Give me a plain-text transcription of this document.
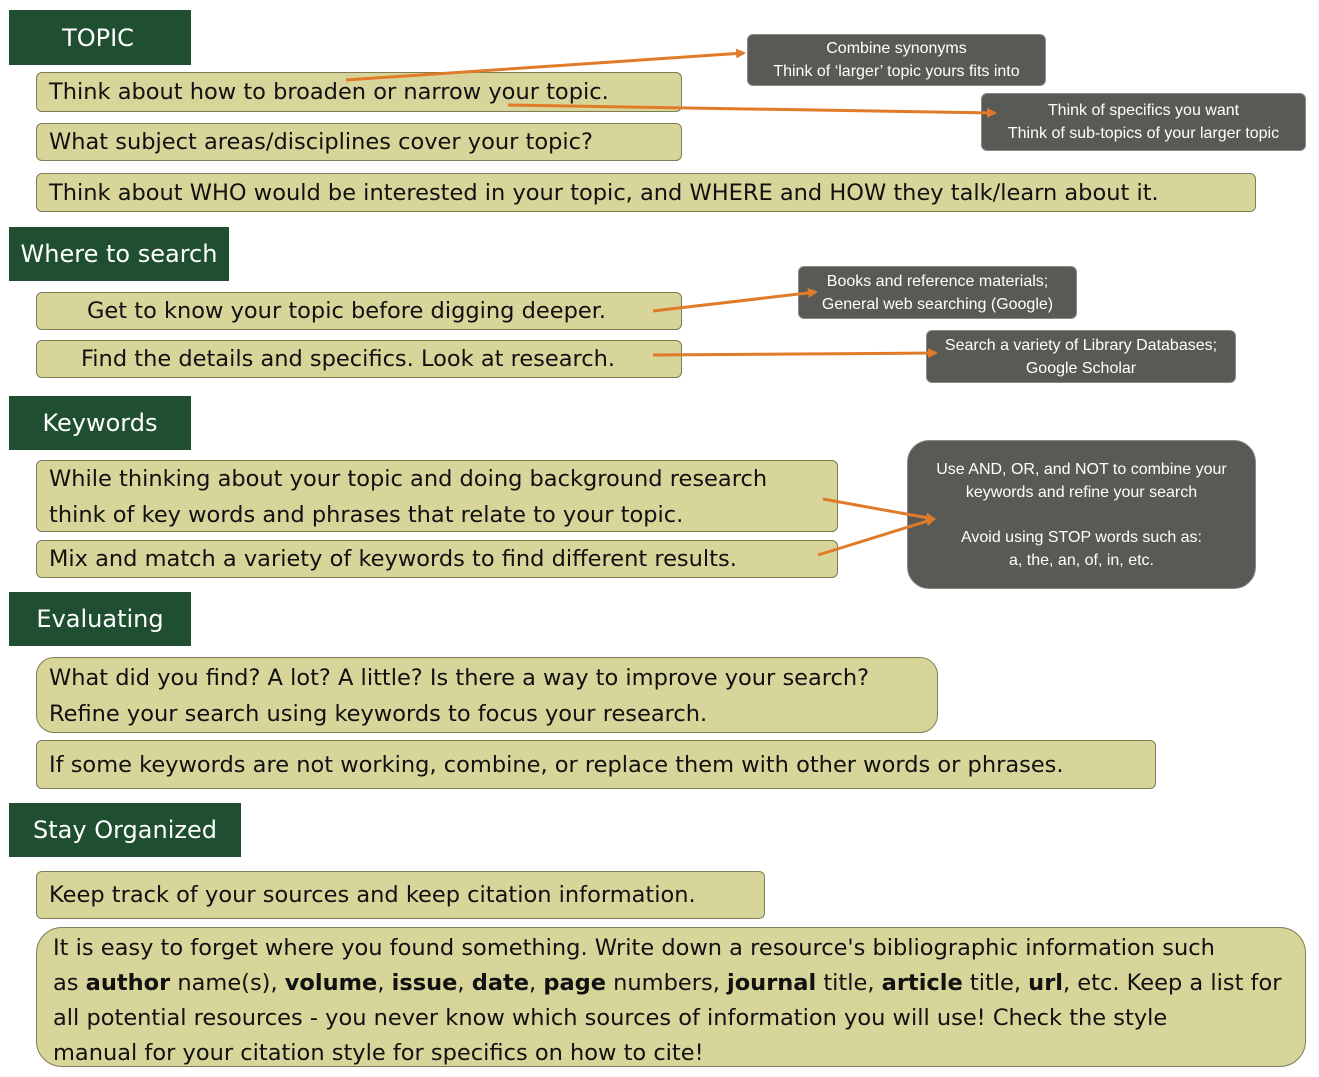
TOPIC
Think about how to broaden or narrow your topic.
What subject areas/disciplines cover your topic?
Think about WHO would be interested in your topic, and WHERE and HOW they talk/learn about it.
Combine synonyms
Think of ‘larger’ topic yours fits into
Think of specifics you want
Think of sub-topics of your larger topic
Where to search
Get to know your topic before digging deeper.
Find the details and specifics. Look at research.
Books and reference materials;
General web searching (Google)
Search a variety of Library Databases;
Google Scholar
Keywords
While thinking about your topic and doing background research
think of key words and phrases that relate to your topic.
Mix and match a variety of keywords to find different results.
Use AND, OR, and NOT to combine your
keywords and refine your search
Avoid using STOP words such as:
a, the, an, of, in, etc.
Evaluating
What did you find? A lot? A little? Is there a way to improve your search?
Refine your search using keywords to focus your research.
If some keywords are not working, combine, or replace them with other words or phrases.
Stay Organized
Keep track of your sources and keep citation information.
It is easy to forget where you found something. Write down a resource's bibliographic information such
as author name(s), volume, issue, date, page numbers, journal title, article title, url, etc. Keep a list for
all potential resources - you never know which sources of information you will use! Check the style
manual for your citation style for specifics on how to cite!
